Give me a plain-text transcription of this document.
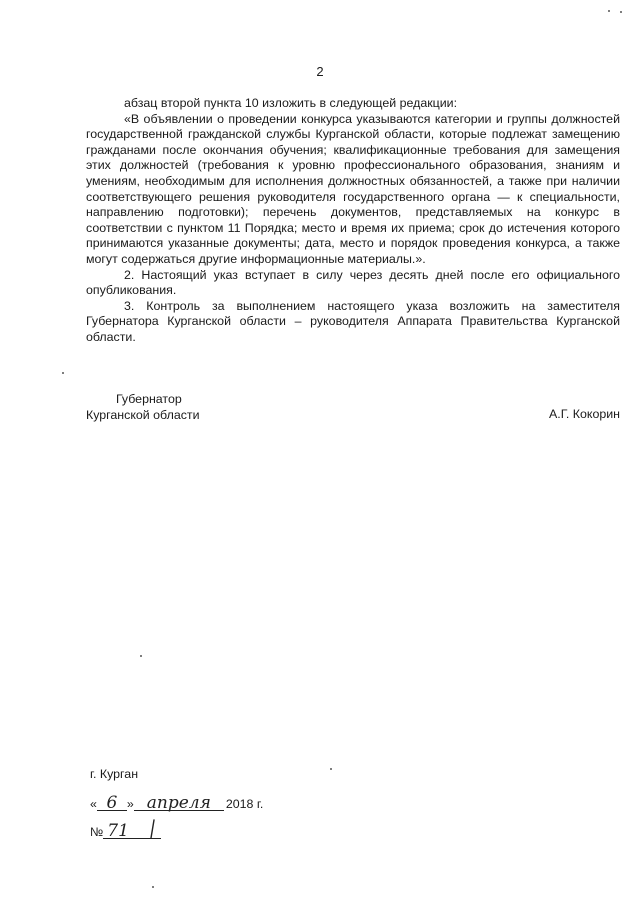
2

абзац второй пункта 10 изложить в следующей редакции:

«В объявлении о проведении конкурса указываются категории и группы должностей государственной гражданской службы Курганской области, которые подлежат замещению гражданами после окончания обучения; квалификационные требования для замещения этих должностей (требования к уровню профессионального образования, знаниям и умениям, необходимым для исполнения должностных обязанностей, а также при наличии соответствующего решения руководителя государственного органа — к специальности, направлению подготовки); перечень документов, представляемых на конкурс в соответствии с пунктом 11 Порядка; место и время их приема; срок до истечения которого принимаются указанные документы; дата, место и порядок проведения конкурса, а также могут содержаться другие информационные материалы.».

2. Настоящий указ вступает в силу через десять дней после его официального опубликования.

3. Контроль за выполнением настоящего указа возложить на заместителя Губернатора Курганской области – руководителя Аппарата Правительства Курганской области.

Губернатор
Курганской области	А.Г. Кокорин
г. Курган
« 6 » апреля	2018 г.
№ 71
